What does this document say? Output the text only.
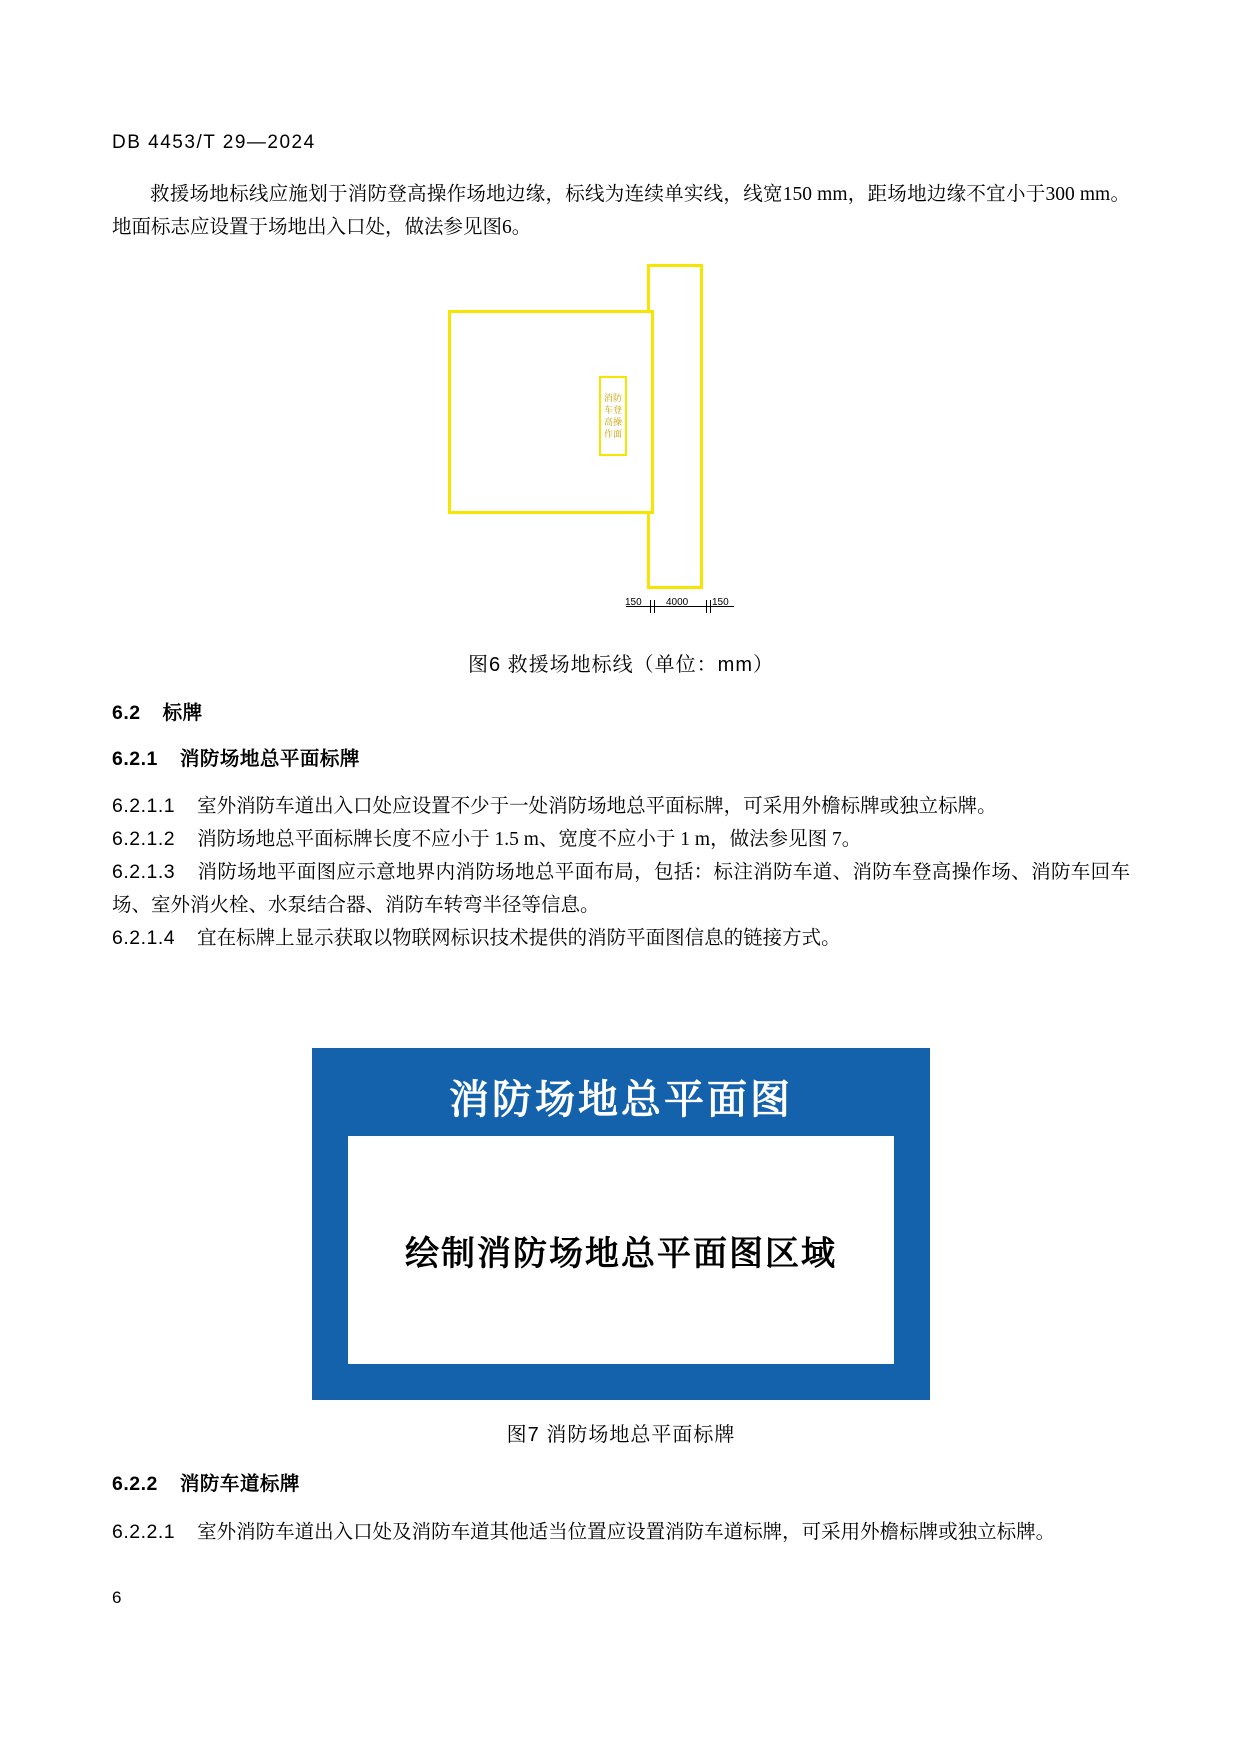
DB 4453/T 29—2024
救援场地标线应施划于消防登高操作场地边缘，标线为连续单实线，线宽150 mm，距场地边缘不宜小于300 mm。地面标志应设置于场地出入口处，做法参见图6。
消防
车登
高操
作面
150 4000 150
图6 救援场地标线（单位：mm）
6.2 标牌
6.2.1 消防场地总平面标牌
6.2.1.1 室外消防车道出入口处应设置不少于一处消防场地总平面标牌，可采用外檐标牌或独立标牌。
6.2.1.2 消防场地总平面标牌长度不应小于 1.5 m、宽度不应小于 1 m，做法参见图 7。
6.2.1.3 消防场地平面图应示意地界内消防场地总平面布局，包括：标注消防车道、消防车登高操作场、消防车回车场、室外消火栓、水泵结合器、消防车转弯半径等信息。
6.2.1.4 宜在标牌上显示获取以物联网标识技术提供的消防平面图信息的链接方式。
消防场地总平面图
绘制消防场地总平面图区域
图7 消防场地总平面标牌
6.2.2 消防车道标牌
6.2.2.1 室外消防车道出入口处及消防车道其他适当位置应设置消防车道标牌，可采用外檐标牌或独立标牌。
6
